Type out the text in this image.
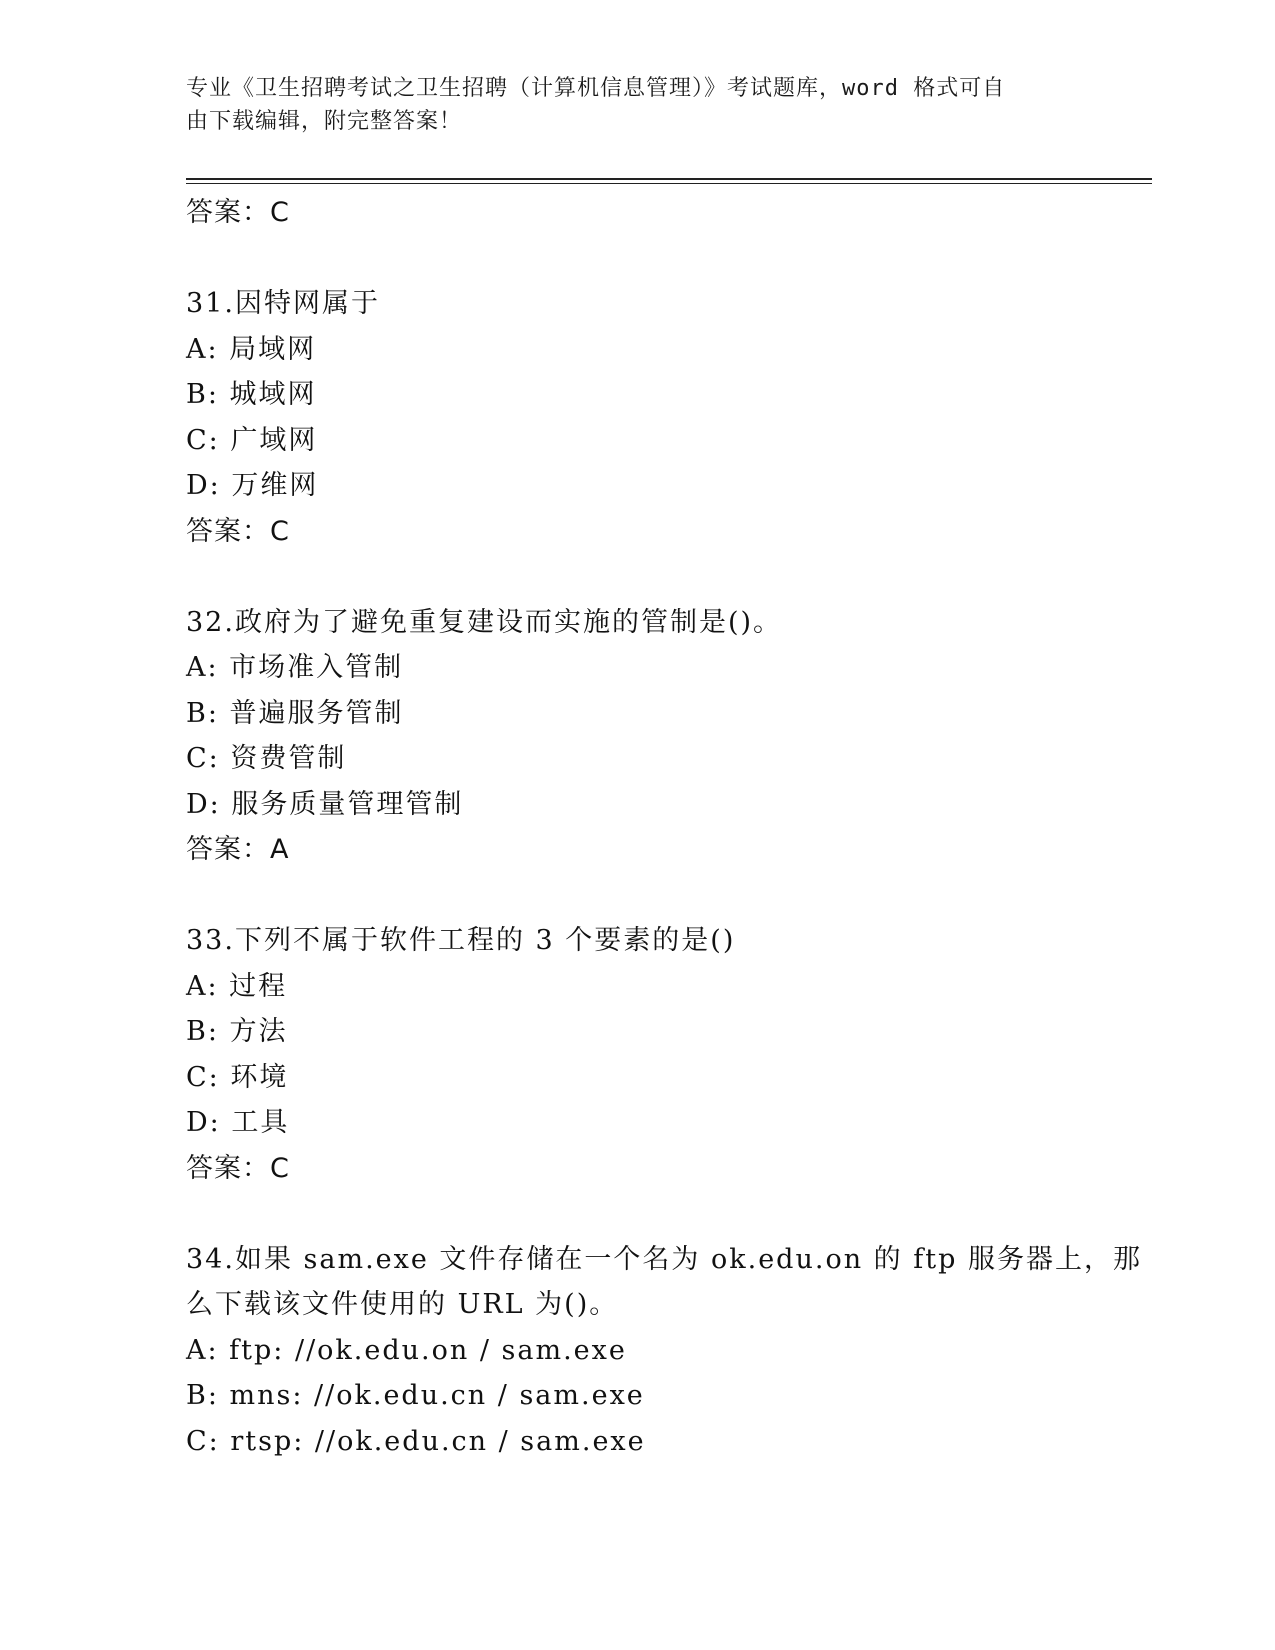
专业《卫生招聘考试之卫生招聘（计算机信息管理）》考试题库，word 格式可自
由下载编辑，附完整答案！
答案：C
31.因特网属于
A: 局域网
B: 城域网
C: 广域网
D: 万维网
答案：C
32.政府为了避免重复建设而实施的管制是()。
A: 市场准入管制
B: 普遍服务管制
C: 资费管制
D: 服务质量管理管制
答案：A
33.下列不属于软件工程的 3 个要素的是()
A: 过程
B: 方法
C: 环境
D: 工具
答案：C
34.如果 sam.exe 文件存储在一个名为 ok.edu.on 的 ftp 服务器上，那
么下载该文件使用的 URL 为()。
A: ftp: //ok.edu.on / sam.exe
B: mns: //ok.edu.cn / sam.exe
C: rtsp: //ok.edu.cn / sam.exe
